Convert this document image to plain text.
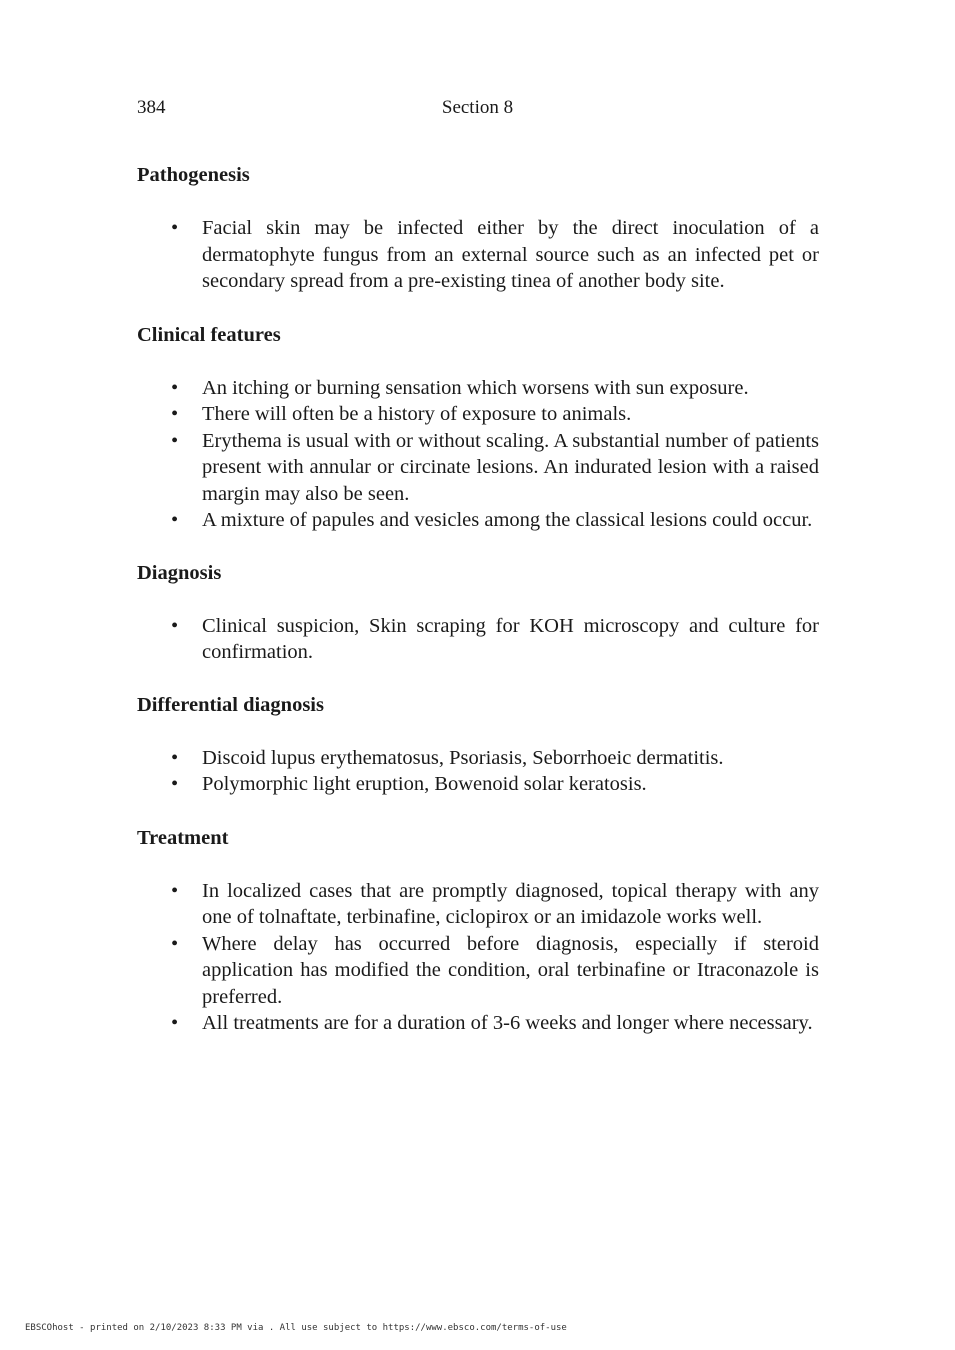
384	Section 8
Pathogenesis
• Facial skin may be infected either by the direct inoculation of a dermatophyte fungus from an external source such as an infected pet or secondary spread from a pre-existing tinea of another body site.
Clinical features
• An itching or burning sensation which worsens with sun exposure.
• There will often be a history of exposure to animals.
• Erythema is usual with or without scaling. A substantial number of patients present with annular or circinate lesions. An indurated lesion with a raised margin may also be seen.
• A mixture of papules and vesicles among the classical lesions could occur.
Diagnosis
• Clinical suspicion, Skin scraping for KOH microscopy and culture for confirmation.
Differential diagnosis
• Discoid lupus erythematosus, Psoriasis, Seborrhoeic dermatitis.
• Polymorphic light eruption, Bowenoid solar keratosis.
Treatment
• In localized cases that are promptly diagnosed, topical therapy with any one of tolnaftate, terbinafine, ciclopirox or an imidazole works well.
• Where delay has occurred before diagnosis, especially if steroid application has modified the condition, oral terbinafine or Itraconazole is preferred.
• All treatments are for a duration of 3-6 weeks and longer where necessary.
EBSCOhost - printed on 2/10/2023 8:33 PM via . All use subject to https://www.ebsco.com/terms-of-use
